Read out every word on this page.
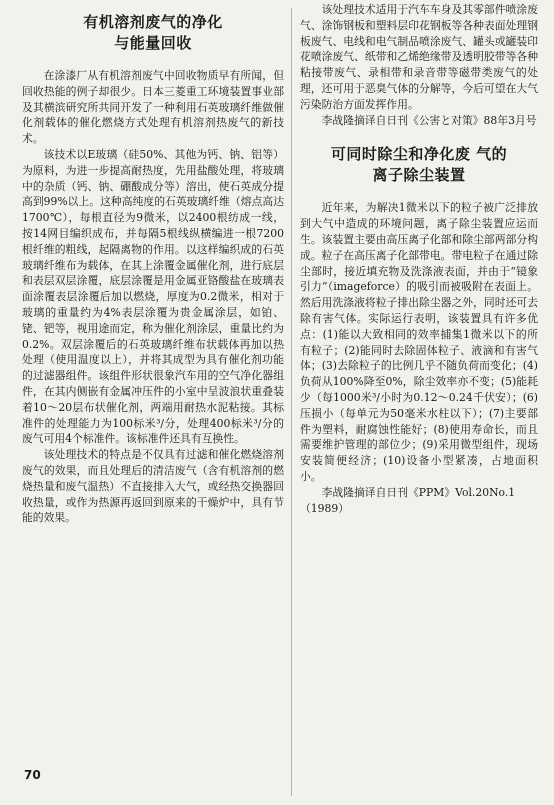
有机溶剂废气的净化
与能量回收

在涂漆厂从有机溶剂废气中回收物质早有所闻，但回收热能的例子却很少。日本三菱重工环境装置事业部及其横滨研究所共同开发了一种利用石英玻璃纤维做催化剂载体的催化燃烧方式处理有机溶剂热废气的新技术。

该技术以E玻璃（硅50%、其他为钙、钠、铝等）为原料，为进一步提高耐热度，先用盐酸处理，将玻璃中的杂质（钙、钠、硼酸成分等）溶出，使石英成分提高到99%以上。这种高纯度的石英玻璃纤维（熔点高达1700℃），每根直径为9微米，以2400根纺成一线，按14网目编织成布，并每隔5根线纵横编进一根7200根纤维的粗线，起隔离物的作用。以这样编织成的石英玻璃纤维布为载体，在其上涂覆金属催化剂，进行底层和表层双层涂覆，底层涂覆是用金属亚铬酸盐在玻璃表面涂覆表层涂覆后加以燃烧，厚度为0.2微米，相对于玻璃的重量约为4%表层涂覆为贵金属涂层，如铂、铑、钯等，视用途而定，称为催化剂涂层，重量比约为0.2%。双层涂覆后的石英玻璃纤维布状载体再加以热处理（使用温度以上），并将其成型为具有催化剂功能的过滤器组件。该组件形状很象汽车用的空气净化器组件，在其内侧嵌有金属冲压件的小室中呈波浪状重叠装着10～20层布状催化剂，两端用耐热水泥粘接。其标准件的处理能力为100标米³/分，处理400标米³/分的废气可用4个标准件。该标准件还具有互换性。

该处理技术的特点是不仅具有过滤和催化燃烧溶剂废气的效果，而且处理后的清洁废气（含有机溶剂的燃烧热量和废气温热）不直接排入大气，或经热交换器回收热量，或作为热源再返回到原来的干燥炉中，具有节能的效果。

该处理技术适用于汽车车身及其零部件喷涂废气、涂饰钢板和塑料层印花钢板等各种表面处理钢板废气、电线和电气制品喷涂废气、罐头或罐装印花喷涂废气、纸带和乙烯绝缘带及透明胶带等各种粘接带废气、录相带和录音带等磁带类废气的处理，还可用于恶臭气体的分解等，今后可望在大气污染防治方面发挥作用。

李战隆摘译自日刊《公害と对策》88年3月号
可同时除尘和净化废 气的
离子除尘装置

近年来，为解决1微米以下的粒子被广泛排放到大气中造成的环境问题，离子除尘装置应运而生。该装置主要由高压离子化部和除尘部两部分构成。粒子在高压离子化部带电。带电粒子在通过除尘部时，接近填充物及洗涤液表面，并由于“镜象引力”（imageforce）的吸引而被吸附在表面上。然后用洗涤液将粒子排出除尘器之外，同时还可去除有害气体。实际运行表明，该装置具有许多优点：(1)能以大致相同的效率捕集1微米以下的所有粒子；(2)能同时去除固体粒子、液滴和有害气体；(3)去除粒子的比例几乎不随负荷而变化；(4)负荷从100%降至0%，除尘效率亦不变；(5)能耗少（每1000米³/小时为0.12～0.24千伏安）；(6)压损小（每单元为50毫米水柱以下）；(7)主要部件为塑料，耐腐蚀性能好；(8)使用寿命长，而且需要维护管理的部位少；(9)采用微型组件，现场安装简便经济；(10)设备小型紧凑，占地面积小。

李战隆摘译自日刊《PPM》Vol.20No.1（1989）
70
